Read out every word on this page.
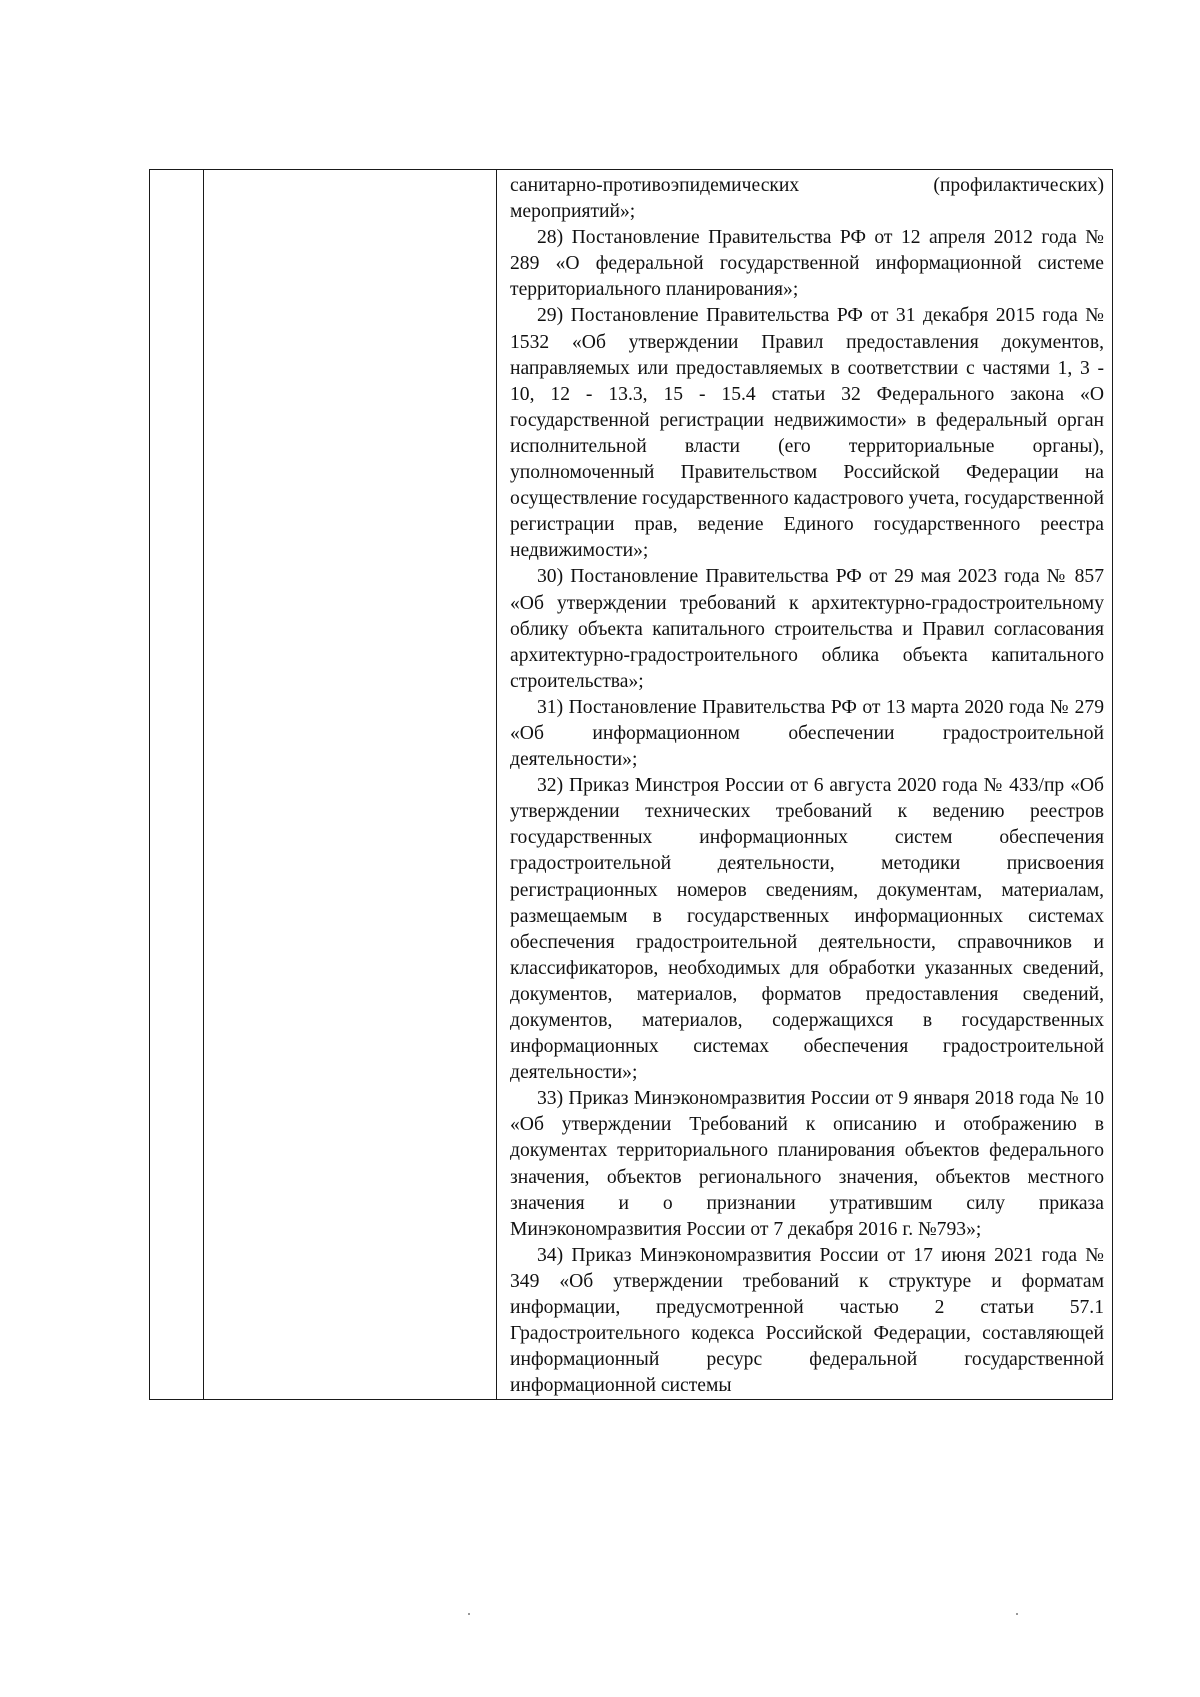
санитарно-противоэпидемических (профилактических) мероприятий»;

28) Постановление Правительства РФ от 12 апреля 2012 года № 289 «О федеральной государственной информационной системе территориального планирования»;

29) Постановление Правительства РФ от 31 декабря 2015 года № 1532 «Об утверждении Правил предоставления документов, направляемых или предоставляемых в соответствии с частями 1, 3 - 10, 12 - 13.3, 15 - 15.4 статьи 32 Федерального закона «О государственной регистрации недвижимости» в федеральный орган исполнительной власти (его территориальные органы), уполномоченный Правительством Российской Федерации на осуществление государственного кадастрового учета, государственной регистрации прав, ведение Единого государственного реестра недвижимости»;

30) Постановление Правительства РФ от 29 мая 2023 года № 857 «Об утверждении требований к архитектурно-градостроительному облику объекта капитального строительства и Правил согласования архитектурно-градостроительного облика объекта капитального строительства»;

31) Постановление Правительства РФ от 13 марта 2020 года № 279 «Об информационном обеспечении градостроительной деятельности»;

32) Приказ Минстроя России от 6 августа 2020 года № 433/пр «Об утверждении технических требований к ведению реестров государственных информационных систем обеспечения градостроительной деятельности, методики присвоения регистрационных номеров сведениям, документам, материалам, размещаемым в государственных информационных системах обеспечения градостроительной деятельности, справочников и классификаторов, необходимых для обработки указанных сведений, документов, материалов, форматов предоставления сведений, документов, материалов, содержащихся в государственных информационных системах обеспечения градостроительной деятельности»;

33) Приказ Минэкономразвития России от 9 января 2018 года № 10 «Об утверждении Требований к описанию и отображению в документах территориального планирования объектов федерального значения, объектов регионального значения, объектов местного значения и о признании утратившим силу приказа Минэкономразвития России от 7 декабря 2016 г. №793»;

34) Приказ Минэкономразвития России от 17 июня 2021 года № 349 «Об утверждении требований к структуре и форматам информации, предусмотренной частью 2 статьи 57.1 Градостроительного кодекса Российской Федерации, составляющей информационный ресурс федеральной государственной информационной системы
